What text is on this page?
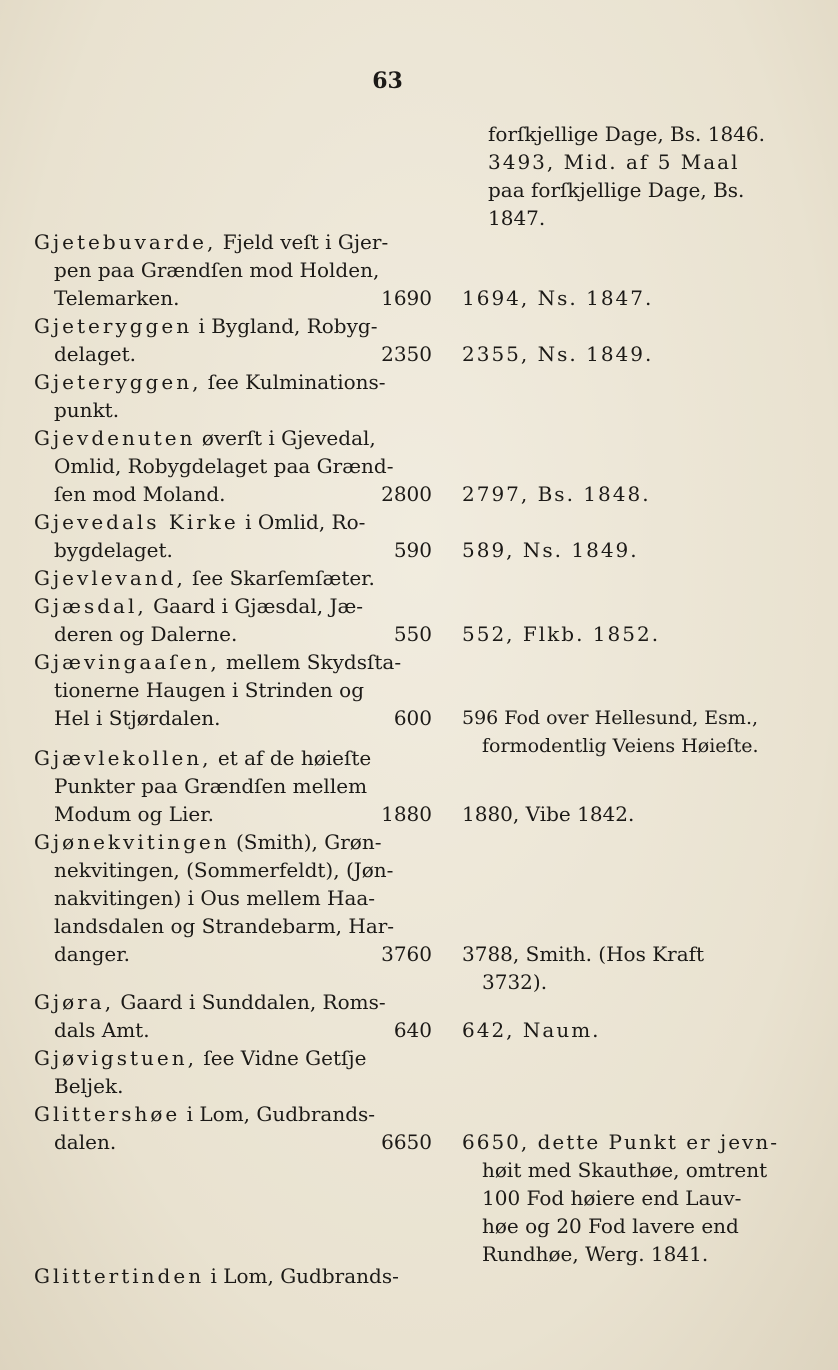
63
forſkjellige Dage, Bs. 1846.
3493, Mid. af 5 Maal
paa forſkjellige Dage, Bs.
1847.
Gjetebuvarde, Fjeld veſt i Gjer-
pen paa Grændſen mod Holden,
Telemarken.	1690 1694, Ns. 1847.
Gjeteryggen i Bygland, Robyg-
delaget.	2350 2355, Ns. 1849.
Gjeteryggen, ſee Kulminations-
punkt.
Gjevdenuten øverſt i Gjevedal,
Omlid, Robygdelaget paa Grænd-
ſen mod Moland.	2800 2797, Bs. 1848.
Gjevedals Kirke i Omlid, Ro-
bygdelaget.	590 589, Ns. 1849.
Gjevlevand, ſee Skarſemſæter.
Gjæsdal, Gaard i Gjæsdal, Jæ-
deren og Dalerne.	550 552, Flkb. 1852.
Gjævingaaſen, mellem Skydsſta-
tionerne Haugen i Strinden og
Hel i Stjørdalen.	600 596 Fod over Hellesund, Esm.,
formodentlig Veiens Høieſte.
Gjævlekollen, et af de høieſte
Punkter paa Grændſen mellem
Modum og Lier.	1880 1880, Vibe 1842.
Gjønekvitingen (Smith), Grøn-
nekvitingen, (Sommerfeldt), (Jøn-
nakvitingen) i Ous mellem Haa-
landsdalen og Strandebarm, Har-
danger.	3760 3788, Smith. (Hos Kraft
3732).
Gjøra, Gaard i Sunddalen, Roms-
dals Amt.	640 642, Naum.
Gjøvigstuen, ſee Vidne Getſje
Beljek.
Glittershøe i Lom, Gudbrands-
dalen.	6650 6650, dette Punkt er jevn-
høit med Skauthøe, omtrent
100 Fod høiere end Lauv-
høe og 20 Fod lavere end
Rundhøe, Werg. 1841.
Glittertinden i Lom, Gudbrands-
